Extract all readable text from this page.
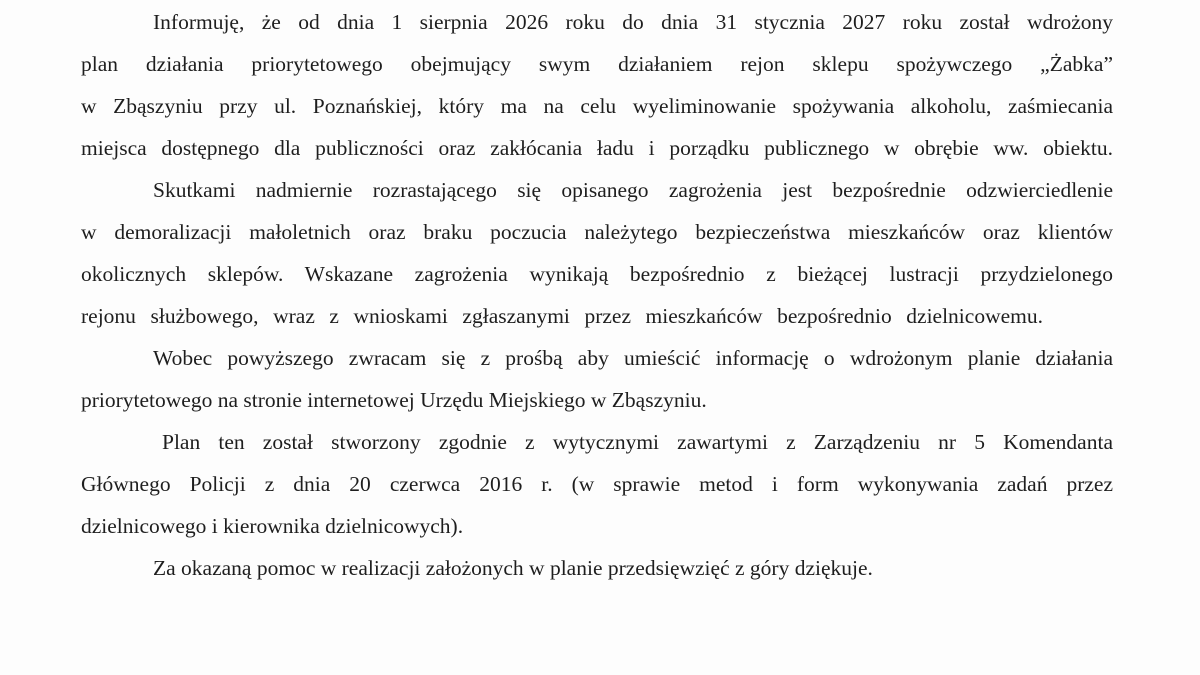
Informuję, że od dnia 1 sierpnia 2026 roku do dnia 31 stycznia 2027 roku został wdrożony
plan działania priorytetowego obejmujący swym działaniem rejon sklepu spożywczego „Żabka”
w Zbąszyniu przy ul. Poznańskiej, który ma na celu wyeliminowanie spożywania alkoholu, zaśmiecania
miejsca dostępnego dla publiczności oraz zakłócania ładu i porządku publicznego w obrębie ww. obiektu.
Skutkami nadmiernie rozrastającego się opisanego zagrożenia jest bezpośrednie odzwierciedlenie
w demoralizacji małoletnich oraz braku poczucia należytego bezpieczeństwa mieszkańców oraz klientów
okolicznych sklepów. Wskazane zagrożenia wynikają bezpośrednio z bieżącej lustracji przydzielonego
rejonu służbowego, wraz z wnioskami zgłaszanymi przez mieszkańców bezpośrednio dzielnicowemu.
Wobec powyższego zwracam się z prośbą aby umieścić informację o wdrożonym planie działania
priorytetowego na stronie internetowej Urzędu Miejskiego w Zbąszyniu.
Plan ten został stworzony zgodnie z wytycznymi zawartymi z Zarządzeniu nr 5 Komendanta
Głównego Policji z dnia 20 czerwca 2016 r. (w sprawie metod i form wykonywania zadań przez
dzielnicowego i kierownika dzielnicowych).
Za okazaną pomoc w realizacji założonych w planie przedsięwzięć z góry dziękuje.
